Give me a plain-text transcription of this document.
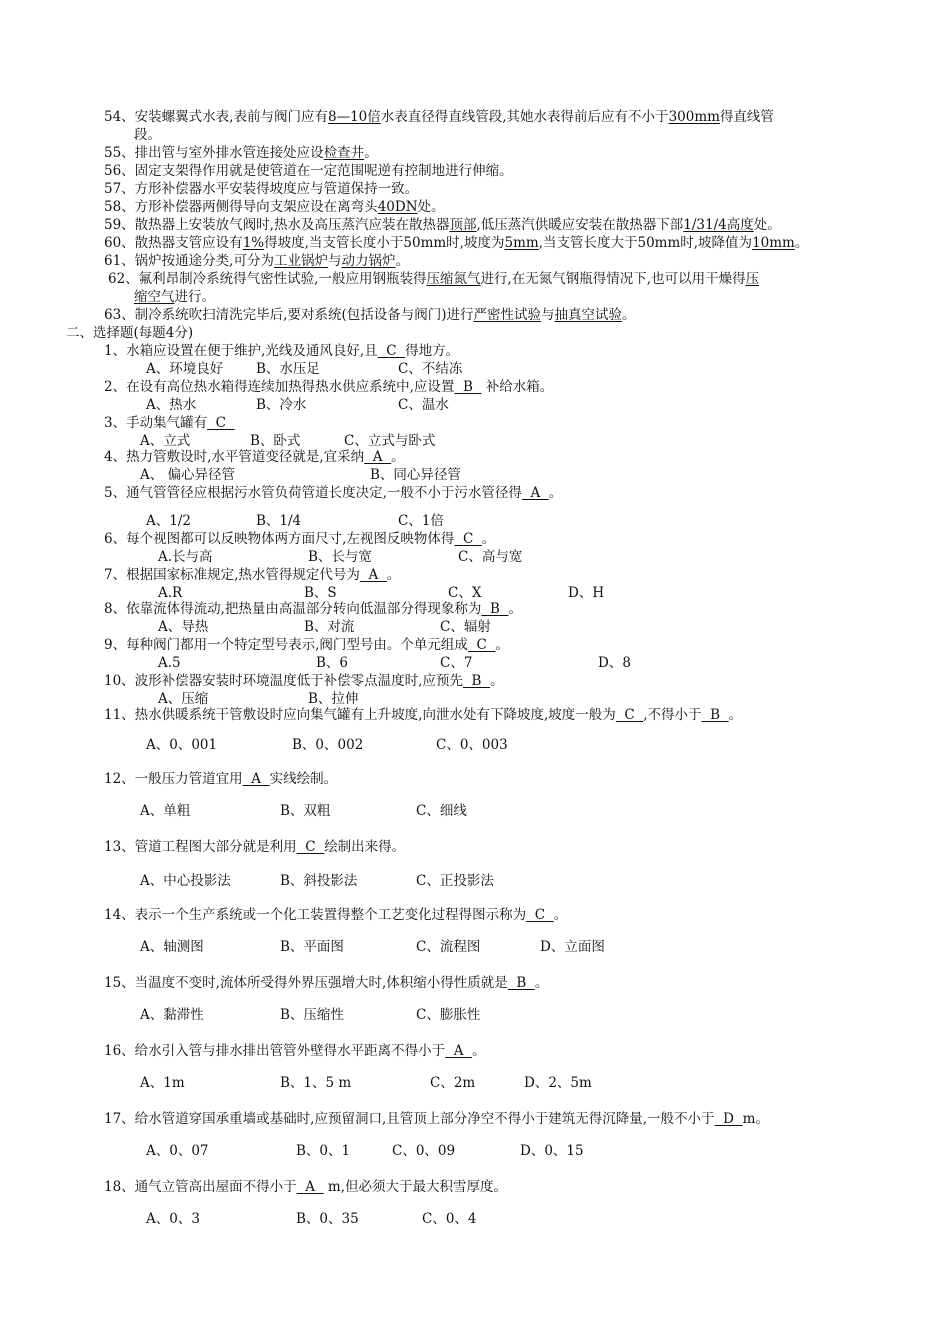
54、安装螺翼式水表,表前与阀门应有8—10倍水表直径得直线管段,其她水表得前后应有不小于300mm得直线管
段。
55、排出管与室外排水管连接处应设检查井。
56、固定支架得作用就是使管道在一定范围呢逆有控制地进行伸缩。
57、方形补偿器水平安装得坡度应与管道保持一致。
58、方形补偿器两侧得导向支架应设在离弯头40DN处。
59、散热器上安装放气阀时,热水及高压蒸汽应装在散热器顶部,低压蒸汽供暖应安装在散热器下部1/31/4高度处。
60、散热器支管应设有1%得坡度,当支管长度小于50mm时,坡度为5mm,当支管长度大于50mm时,坡降值为10mm。
61、锅炉按通途分类,可分为工业锅炉与动力锅炉。
62、氟利昂制冷系统得气密性试验,一般应用钢瓶装得压缩氮气进行,在无氮气钢瓶得情况下,也可以用干燥得压
缩空气进行。
63、制冷系统吹扫清洗完毕后,要对系统(包括设备与阀门)进行严密性试验与抽真空试验。
二、选择题(每题4分)
1、水箱应设置在便于维护,光线及通风良好,且  C  得地方。
A、环境良好 B、水压足	C、不结冻
2、在设有高位热水箱得连续加热得热水供应系统中,应设置  B   补给水箱。
A、热水	B、冷水	C、温水
3、手动集气罐有  C
A、立式	B、卧式	C、立式与卧式
4、热力管敷设时,水平管道变径就是,宜采纳  A  。
A、 偏心异径管	B、同心异径管
5、通气管管径应根据污水管负荷管道长度决定,一般不小于污水管径得  A  。
A、1/2	B、1/4	C、1倍
6、每个视图都可以反映物体两方面尺寸,左视图反映物体得  C  。
A.长与高	B、长与宽	C、高与宽
7、根据国家标准规定,热水管得规定代号为  A  。
A.R	B、S	C、X	D、H
8、依靠流体得流动,把热量由高温部分转向低温部分得现象称为  B  。
A、导热	B、对流	C、辐射
9、每种阀门都用一个特定型号表示,阀门型号由。个单元组成  C  。
A.5	B、6	C、7	D、8
10、波形补偿器安装时环境温度低于补偿零点温度时,应预先  B  。
A、压缩	B、拉伸
11、热水供暖系统干管敷设时应向集气罐有上升坡度,向泄水处有下降坡度,坡度一般为  C  ,不得小于  B  。
A、0、001	B、0、002	C、0、003
12、一般压力管道宜用  A  实线绘制。
A、单粗	B、双粗	C、细线
13、管道工程图大部分就是利用  C  绘制出来得。
A、中心投影法	B、斜投影法	C、正投影法
14、表示一个生产系统或一个化工装置得整个工艺变化过程得图示称为  C  。
A、轴测图	B、平面图	C、流程图	D、立面图
15、当温度不变时,流体所受得外界压强增大时,体积缩小得性质就是  B  。
A、黏滞性	B、压缩性	C、膨胀性
16、给水引入管与排水排出管管外壁得水平距离不得小于  A  。
A、1m	B、1、5 m	C、2m	D、2、5m
17、给水管道穿国承重墙或基础时,应预留洞口,且管顶上部分净空不得小于建筑无得沉降量,一般不小于  D  m。
A、0、07	B、0、1	C、0、09	D、0、15
18、通气立管高出屋面不得小于  A   m,但必须大于最大积雪厚度。
A、0、3	B、0、35	C、0、4
